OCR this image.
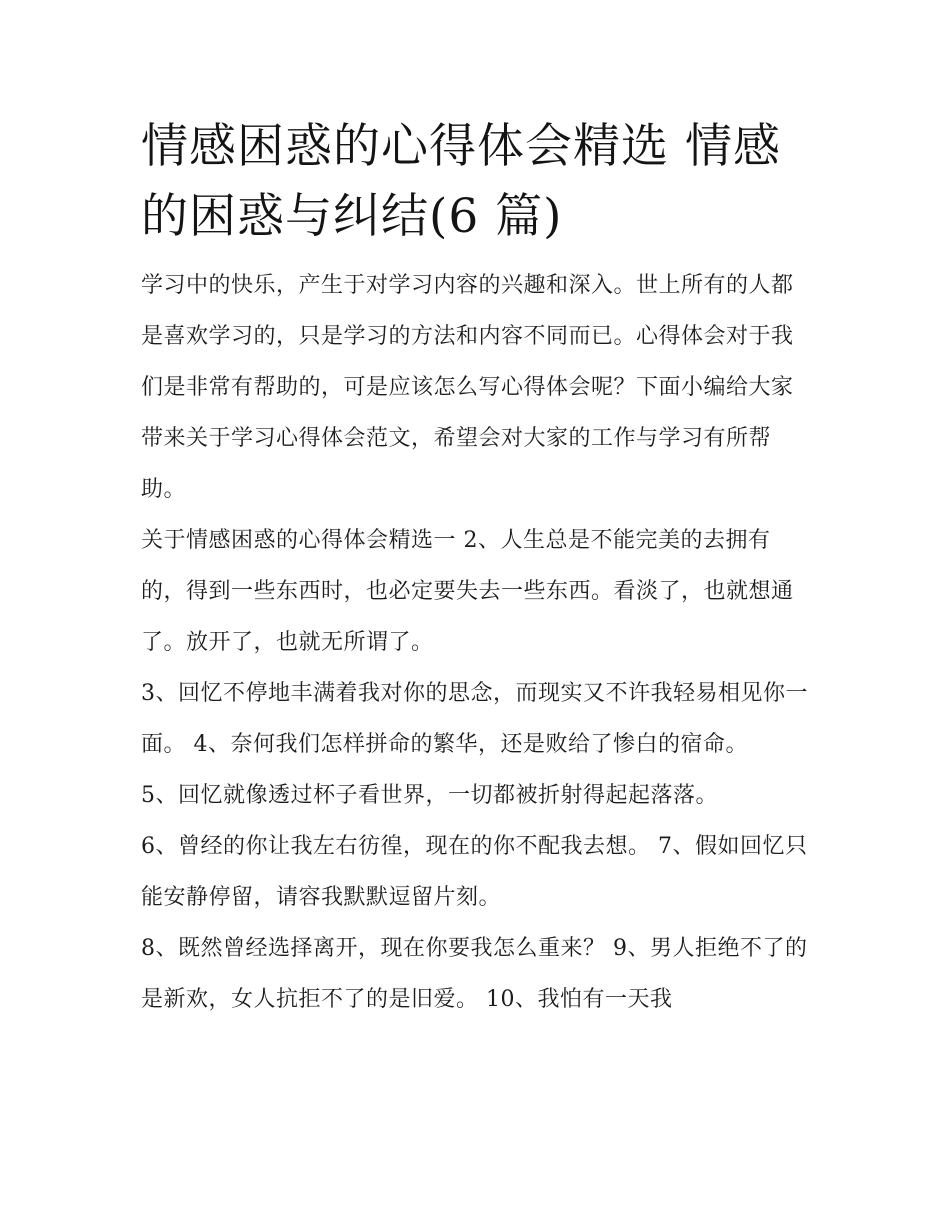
情感困惑的心得体会精选 情感的困惑与纠结(6 篇)

学习中的快乐，产生于对学习内容的兴趣和深入。世上所有的人都是喜欢学习的，只是学习的方法和内容不同而已。心得体会对于我们是非常有帮助的，可是应该怎么写心得体会呢？下面小编给大家带来关于学习心得体会范文，希望会对大家的工作与学习有所帮助。

关于情感困惑的心得体会精选一 2、人生总是不能完美的去拥有的，得到一些东西时，也必定要失去一些东西。看淡了，也就想通了。放开了，也就无所谓了。

3、回忆不停地丰满着我对你的思念，而现实又不许我轻易相见你一面。 4、奈何我们怎样拼命的繁华，还是败给了惨白的宿命。

5、回忆就像透过杯子看世界，一切都被折射得起起落落。

6、曾经的你让我左右彷徨，现在的你不配我去想。 7、假如回忆只能安静停留，请容我默默逗留片刻。

8、既然曾经选择离开，现在你要我怎么重来？ 9、男人拒绝不了的是新欢，女人抗拒不了的是旧爱。 10、我怕有一天我
